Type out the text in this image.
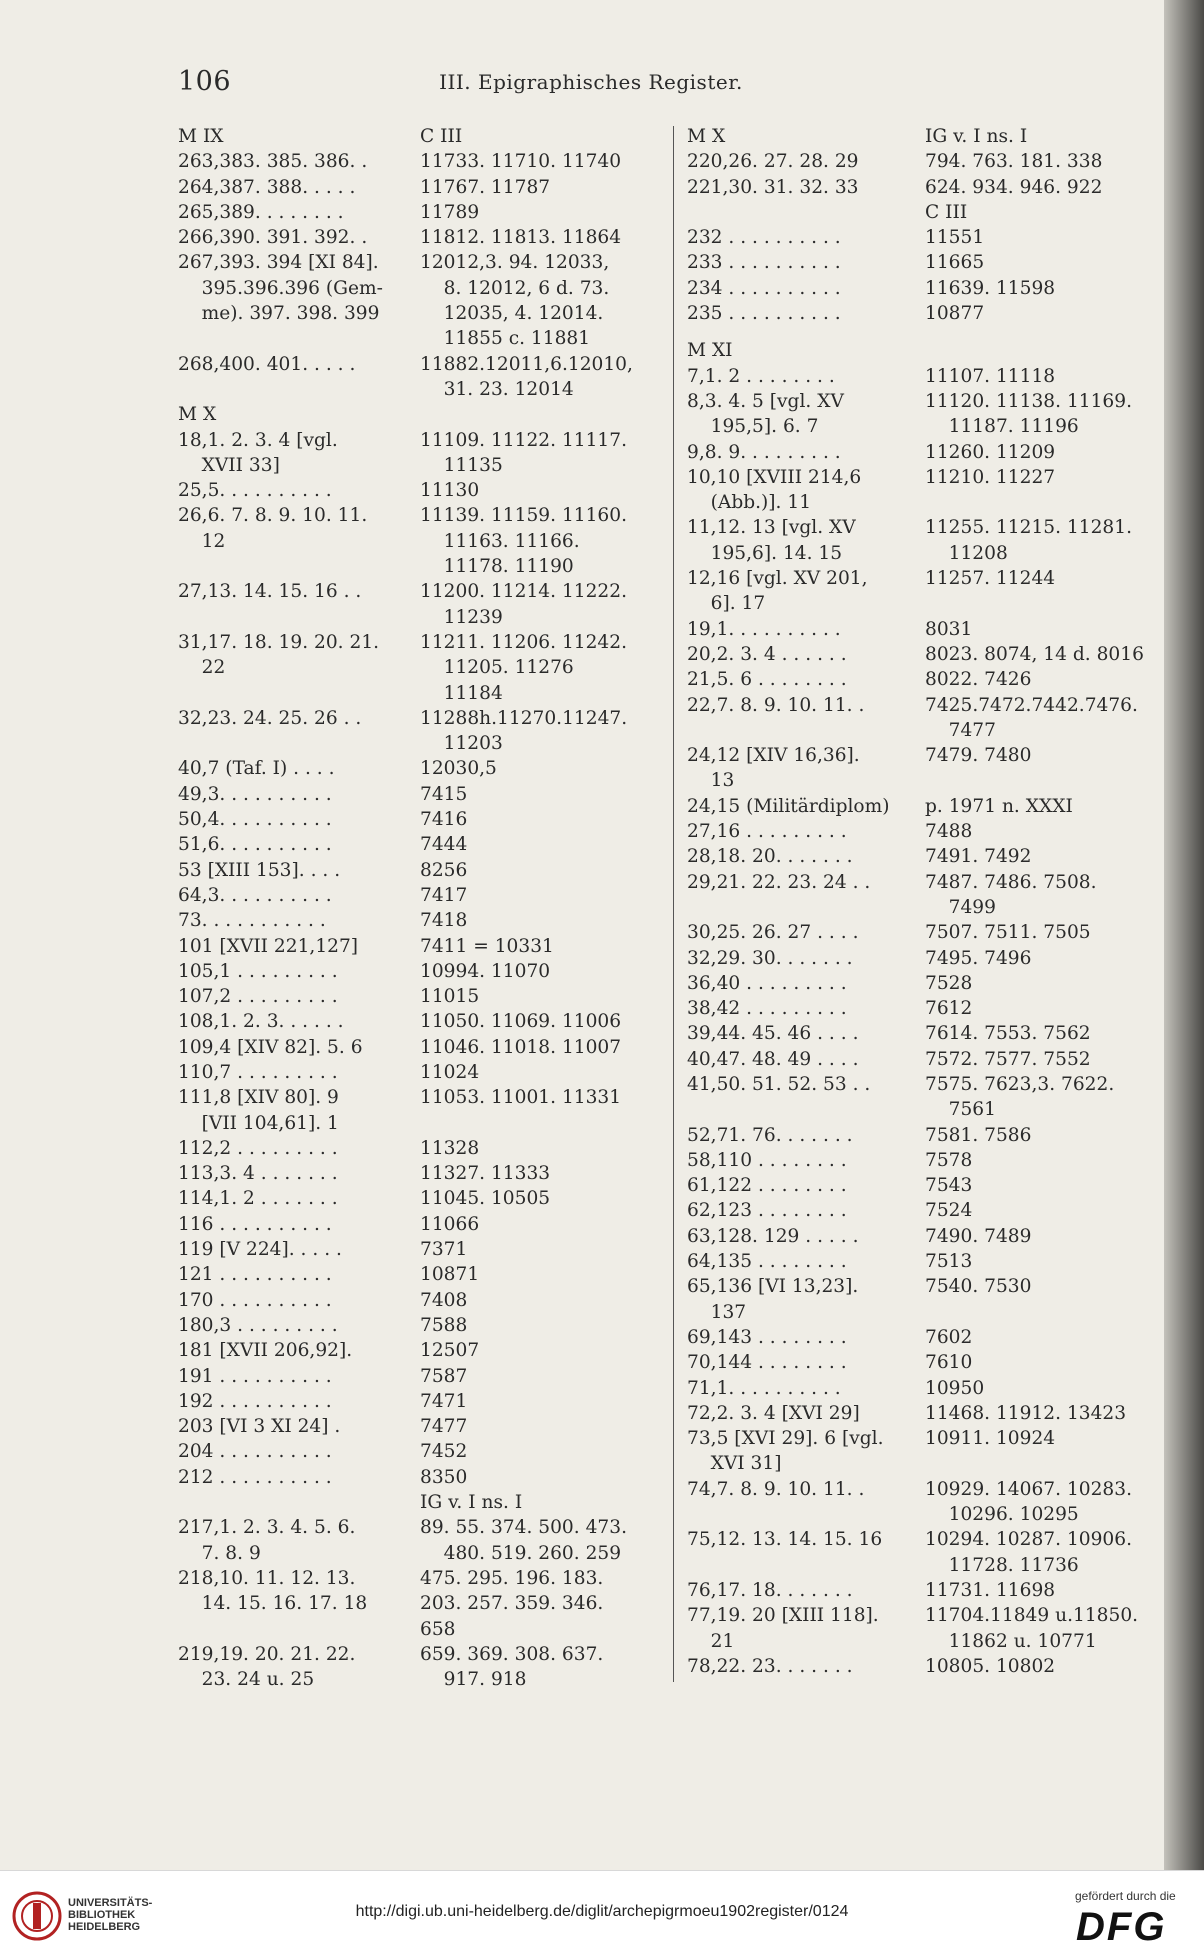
106	III. Epigraphisches Register.
M IX	C III
263,383. 385. 386. .	11733. 11710. 11740
264,387. 388. . . . .	11767. 11787
265,389. . . . . . . .	11789
266,390. 391. 392. .	11812. 11813. 11864
267,393. 394 [XI 84].	12012,3. 94. 12033,
395.396.396 (Gem-	8. 12012, 6 d. 73.
me). 397. 398. 399	12035, 4. 12014.
11855 c. 11881
268,400. 401. . . . .	11882.12011,6.12010,
31. 23. 12014
M X
18,1. 2. 3. 4 [vgl.	11109. 11122. 11117.
XVII 33]	11135
25,5. . . . . . . . . .	11130
26,6. 7. 8. 9. 10. 11.	11139. 11159. 11160.
12	11163. 11166.
11178. 11190
27,13. 14. 15. 16 . .	11200. 11214. 11222.
11239
31,17. 18. 19. 20. 21.	11211. 11206. 11242.
22	11205. 11276
11184
32,23. 24. 25. 26 . .	11288h.11270.11247.
11203
40,7 (Taf. I) . . . .	12030,5
49,3. . . . . . . . . .	7415
50,4. . . . . . . . . .	7416
51,6. . . . . . . . . .	7444
53 [XIII 153]. . . .	8256
64,3. . . . . . . . . .	7417
73. . . . . . . . . . .	7418
101 [XVII 221,127]	7411 = 10331
105,1 . . . . . . . . .	10994. 11070
107,2 . . . . . . . . .	11015
108,1. 2. 3. . . . . .	11050. 11069. 11006
109,4 [XIV 82]. 5. 6	11046. 11018. 11007
110,7 . . . . . . . . .	11024
111,8 [XIV 80]. 9	11053. 11001. 11331
[VII 104,61]. 1
112,2 . . . . . . . . .	11328
113,3. 4 . . . . . . .	11327. 11333
114,1. 2 . . . . . . .	11045. 10505
116 . . . . . . . . . .	11066
119 [V 224]. . . . .	7371
121 . . . . . . . . . .	10871
170 . . . . . . . . . .	7408
180,3 . . . . . . . . .	7588
181 [XVII 206,92].	12507
191 . . . . . . . . . .	7587
192 . . . . . . . . . .	7471
203 [VI 3 XI 24] .	7477
204 . . . . . . . . . .	7452
212 . . . . . . . . . .	8350
IG v. I ns. I
217,1. 2. 3. 4. 5. 6.	89. 55. 374. 500. 473.
7. 8. 9	480. 519. 260. 259
218,10. 11. 12. 13.	475. 295. 196. 183.
14. 15. 16. 17. 18	203. 257. 359. 346.
658
219,19. 20. 21. 22.	659. 369. 308. 637.
23. 24 u. 25	917. 918
M X	IG v. I ns. I
220,26. 27. 28. 29	794. 763. 181. 338
221,30. 31. 32. 33	624. 934. 946. 922
C III
232 . . . . . . . . . .	11551
233 . . . . . . . . . .	11665
234 . . . . . . . . . .	11639. 11598
235 . . . . . . . . . .	10877
M XI
7,1. 2 . . . . . . . .	11107. 11118
8,3. 4. 5 [vgl. XV	11120. 11138. 11169.
195,5]. 6. 7	11187. 11196
9,8. 9. . . . . . . . .	11260. 11209
10,10 [XVIII 214,6	11210. 11227
(Abb.)]. 11
11,12. 13 [vgl. XV	11255. 11215. 11281.
195,6]. 14. 15	11208
12,16 [vgl. XV 201,	11257. 11244
6]. 17
19,1. . . . . . . . . .	8031
20,2. 3. 4 . . . . . .	8023. 8074, 14 d. 8016
21,5. 6 . . . . . . . .	8022. 7426
22,7. 8. 9. 10. 11. .	7425.7472.7442.7476.
7477
24,12 [XIV 16,36].	7479. 7480
13
24,15 (Militärdiplom)	p. 1971 n. XXXI
27,16 . . . . . . . . .	7488
28,18. 20. . . . . . .	7491. 7492
29,21. 22. 23. 24 . .	7487. 7486. 7508.
7499
30,25. 26. 27 . . . .	7507. 7511. 7505
32,29. 30. . . . . . .	7495. 7496
36,40 . . . . . . . . .	7528
38,42 . . . . . . . . .	7612
39,44. 45. 46 . . . .	7614. 7553. 7562
40,47. 48. 49 . . . .	7572. 7577. 7552
41,50. 51. 52. 53 . .	7575. 7623,3. 7622.
7561
52,71. 76. . . . . . .	7581. 7586
58,110 . . . . . . . .	7578
61,122 . . . . . . . .	7543
62,123 . . . . . . . .	7524
63,128. 129 . . . . .	7490. 7489
64,135 . . . . . . . .	7513
65,136 [VI 13,23].	7540. 7530
137
69,143 . . . . . . . .	7602
70,144 . . . . . . . .	7610
71,1. . . . . . . . . .	10950
72,2. 3. 4 [XVI 29]	11468. 11912. 13423
73,5 [XVI 29]. 6 [vgl.	10911. 10924
XVI 31]
74,7. 8. 9. 10. 11. .	10929. 14067. 10283.
10296. 10295
75,12. 13. 14. 15. 16	10294. 10287. 10906.
11728. 11736
76,17. 18. . . . . . .	11731. 11698
77,19. 20 [XIII 118].	11704.11849 u.11850.
21	11862 u. 10771
78,22. 23. . . . . . .	10805. 10802
UNIVERSITÄTS-
BIBLIOTHEK
HEIDELBERG
http://digi.ub.uni-heidelberg.de/diglit/archepigrmoeu1902register/0124
gefördert durch die
DFG
